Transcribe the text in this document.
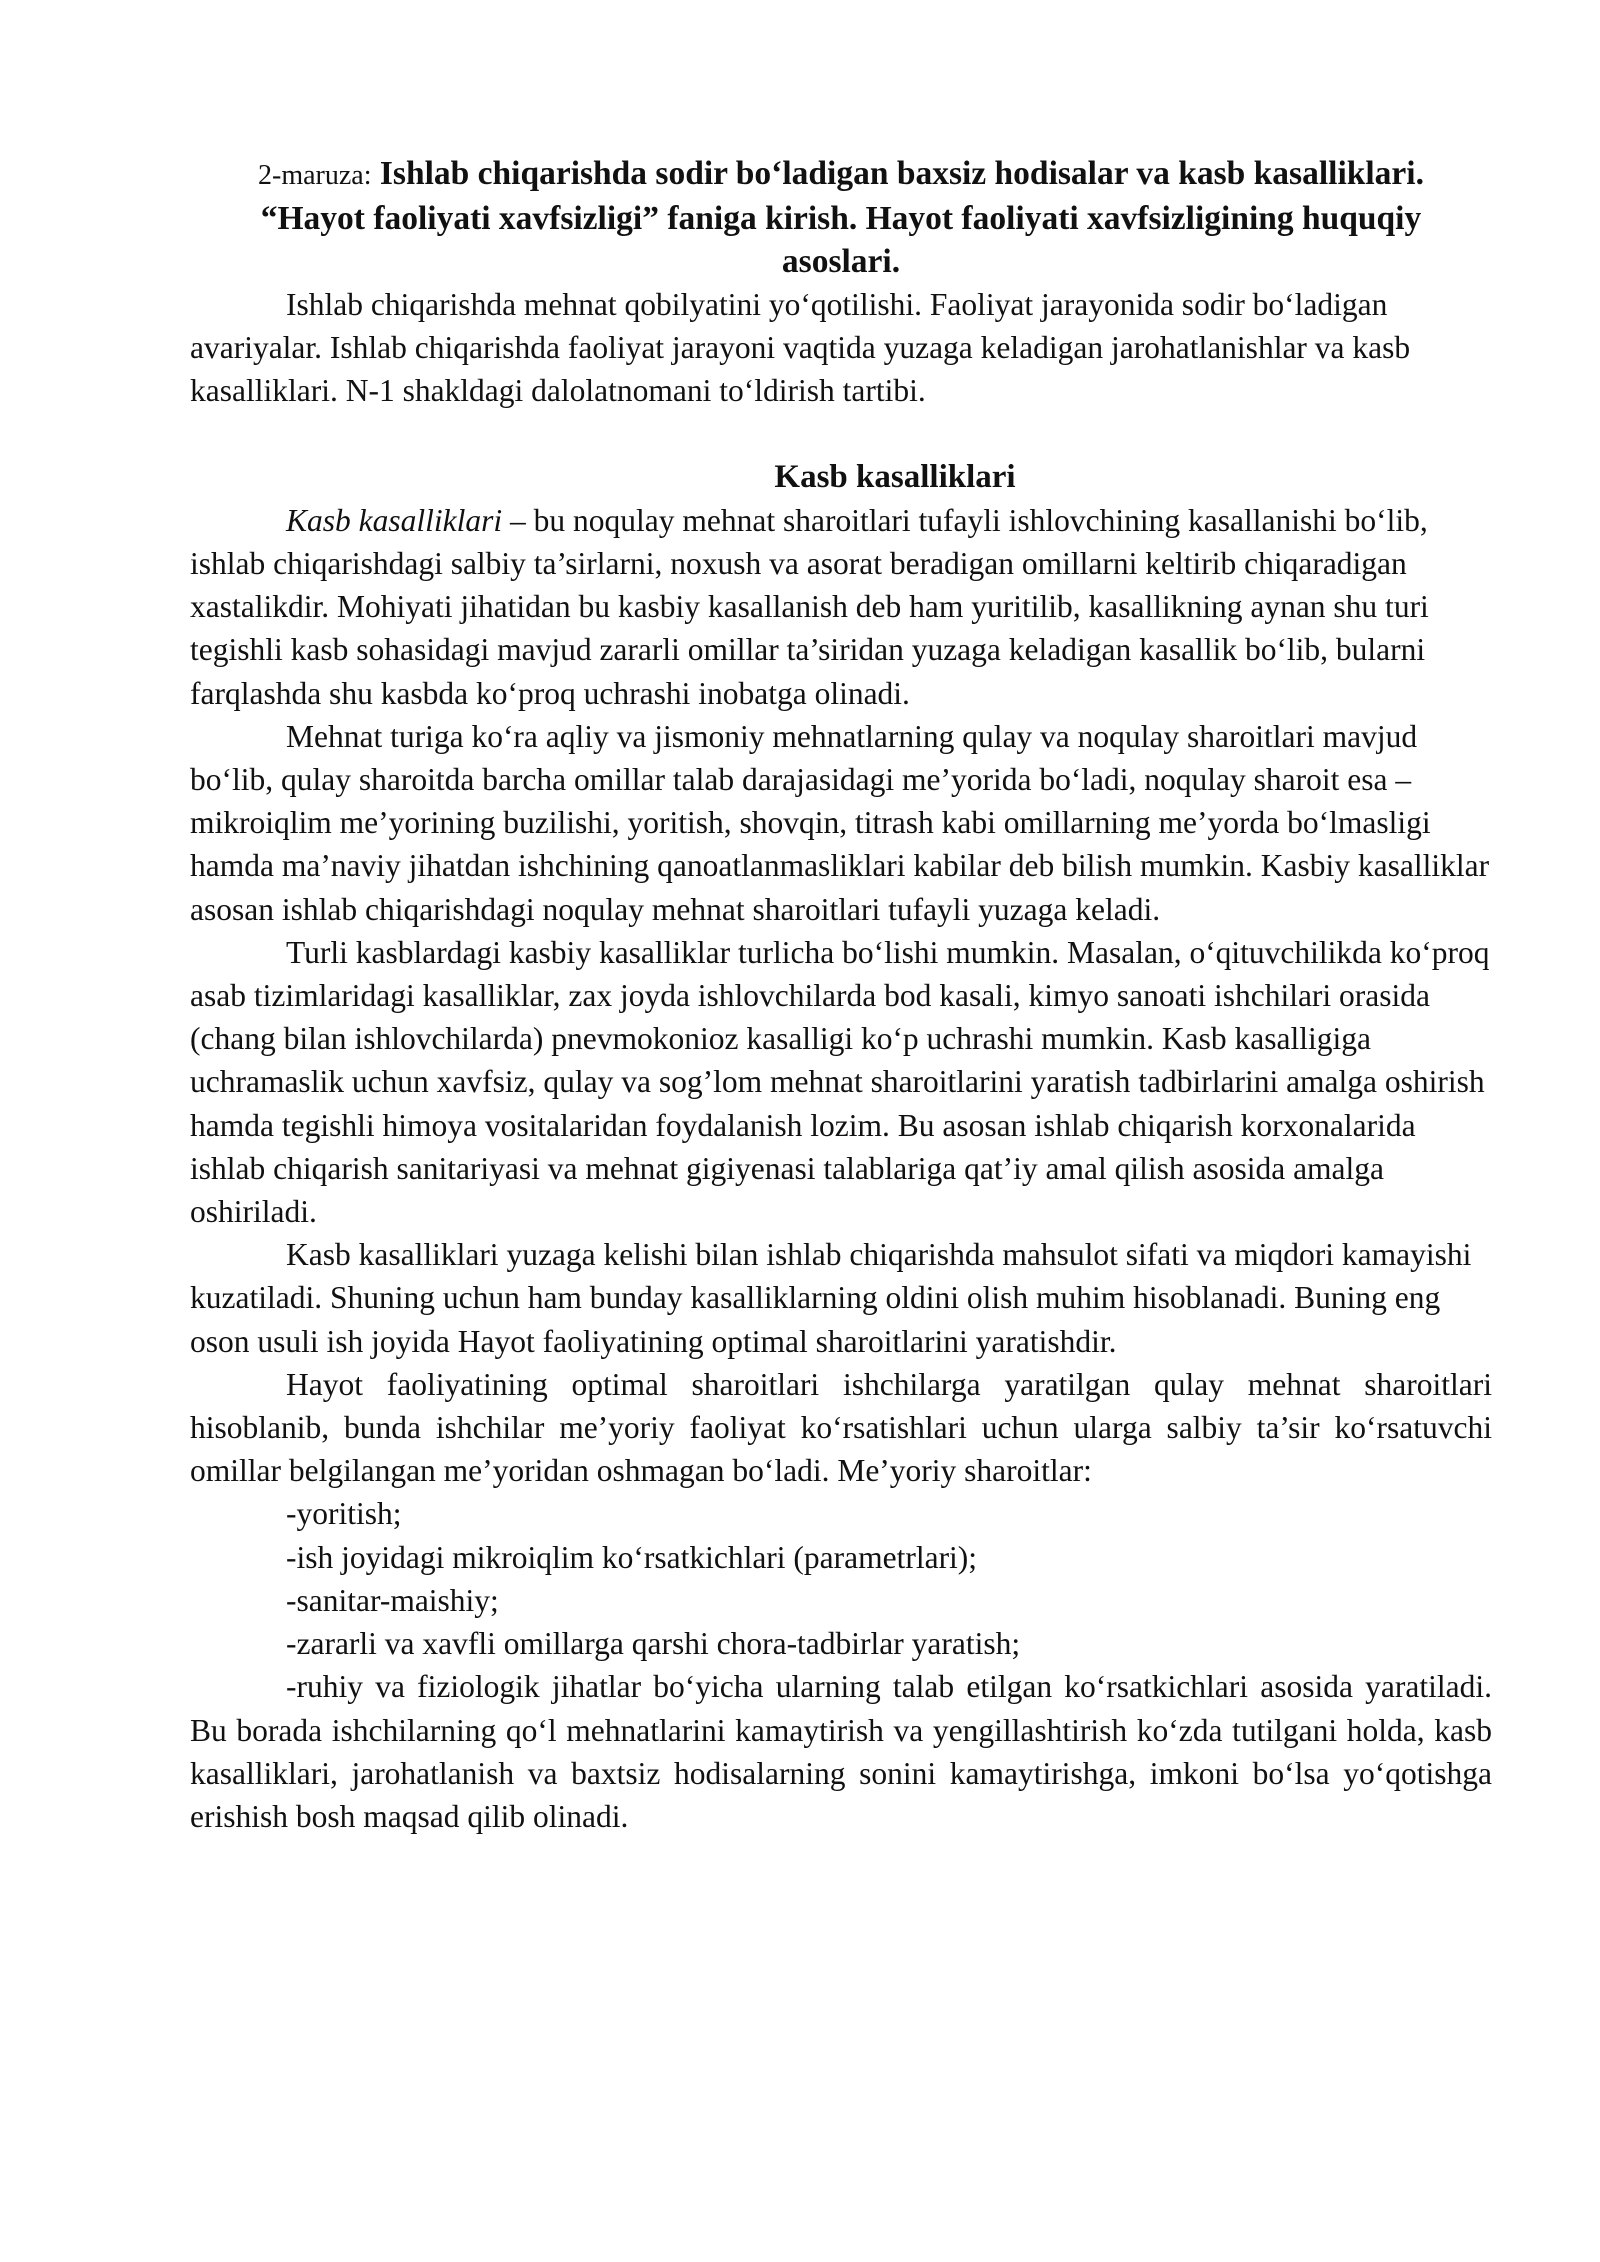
2-maruza: Ishlab chiqarishda sodir bo‘ladigan baxsiz hodisalar va kasb kasalliklari. “Hayot faoliyati xavfsizligi” faniga kirish. Hayot faoliyati xavfsizligining huquqiy asoslari.

Ishlab chiqarishda mehnat qobilyatini yo‘qotilishi. Faoliyat jarayonida sodir bo‘ladigan avariyalar. Ishlab chiqarishda faoliyat jarayoni vaqtida yuzaga keladigan jarohatlanishlar va kasb kasalliklari. N-1 shakldagi dalolatnomani to‘ldirish tartibi.

Kasb kasalliklari

Kasb kasalliklari – bu noqulay mehnat sharoitlari tufayli ishlovchining kasallanishi bo‘lib, ishlab chiqarishdagi salbiy ta’sirlarni, noxush va asorat beradigan omillarni keltirib chiqaradigan xastalikdir. Mohiyati jihatidan bu kasbiy kasallanish deb ham yuritilib, kasallikning aynan shu turi tegishli kasb sohasidagi mavjud zararli omillar ta’siridan yuzaga keladigan kasallik bo‘lib, bularni farqlashda shu kasbda ko‘proq uchrashi inobatga olinadi.

Mehnat turiga ko‘ra aqliy va jismoniy mehnatlarning qulay va noqulay sharoitlari mavjud bo‘lib, qulay sharoitda barcha omillar talab darajasidagi me’yorida bo‘ladi, noqulay sharoit esa – mikroiqlim me’yorining buzilishi, yoritish, shovqin, titrash kabi omillarning me’yorda bo‘lmasligi hamda ma’naviy jihatdan ishchining qanoatlanmasliklari kabilar deb bilish mumkin. Kasbiy kasalliklar asosan ishlab chiqarishdagi noqulay mehnat sharoitlari tufayli yuzaga keladi.

Turli kasblardagi kasbiy kasalliklar turlicha bo‘lishi mumkin. Masalan, o‘qituvchilikda ko‘proq asab tizimlaridagi kasalliklar, zax joyda ishlovchilarda bod kasali, kimyo sanoati ishchilari orasida (chang bilan ishlovchilarda) pnevmokonioz kasalligi ko‘p uchrashi mumkin. Kasb kasalligiga uchramaslik uchun xavfsiz, qulay va sog’lom mehnat sharoitlarini yaratish tadbirlarini amalga oshirish hamda tegishli himoya vositalaridan foydalanish lozim. Bu asosan ishlab chiqarish korxonalarida ishlab chiqarish sanitariyasi va mehnat gigiyenasi talablariga qat’iy amal qilish asosida amalga oshiriladi.

Kasb kasalliklari yuzaga kelishi bilan ishlab chiqarishda mahsulot sifati va miqdori kamayishi kuzatiladi. Shuning uchun ham bunday kasalliklarning oldini olish muhim hisoblanadi. Buning eng oson usuli ish joyida Hayot faoliyatining optimal sharoitlarini yaratishdir.

Hayot faoliyatining optimal sharoitlari ishchilarga yaratilgan qulay mehnat sharoitlari hisoblanib, bunda ishchilar me’yoriy faoliyat ko‘rsatishlari uchun ularga salbiy ta’sir ko‘rsatuvchi omillar belgilangan me’yoridan oshmagan bo‘ladi. Me’yoriy sharoitlar:

-yoritish;
-ish joyidagi mikroiqlim ko‘rsatkichlari (parametrlari);
-sanitar-maishiy;
-zararli va xavfli omillarga qarshi chora-tadbirlar yaratish;

-ruhiy va fiziologik jihatlar bo‘yicha ularning talab etilgan ko‘rsatkichlari asosida yaratiladi. Bu borada ishchilarning qo‘l mehnatlarini kamaytirish va yengillashtirish ko‘zda tutilgani holda, kasb kasalliklari, jarohatlanish va baxtsiz hodisalarning sonini kamaytirishga, imkoni bo‘lsa yo‘qotishga erishish bosh maqsad qilib olinadi.
